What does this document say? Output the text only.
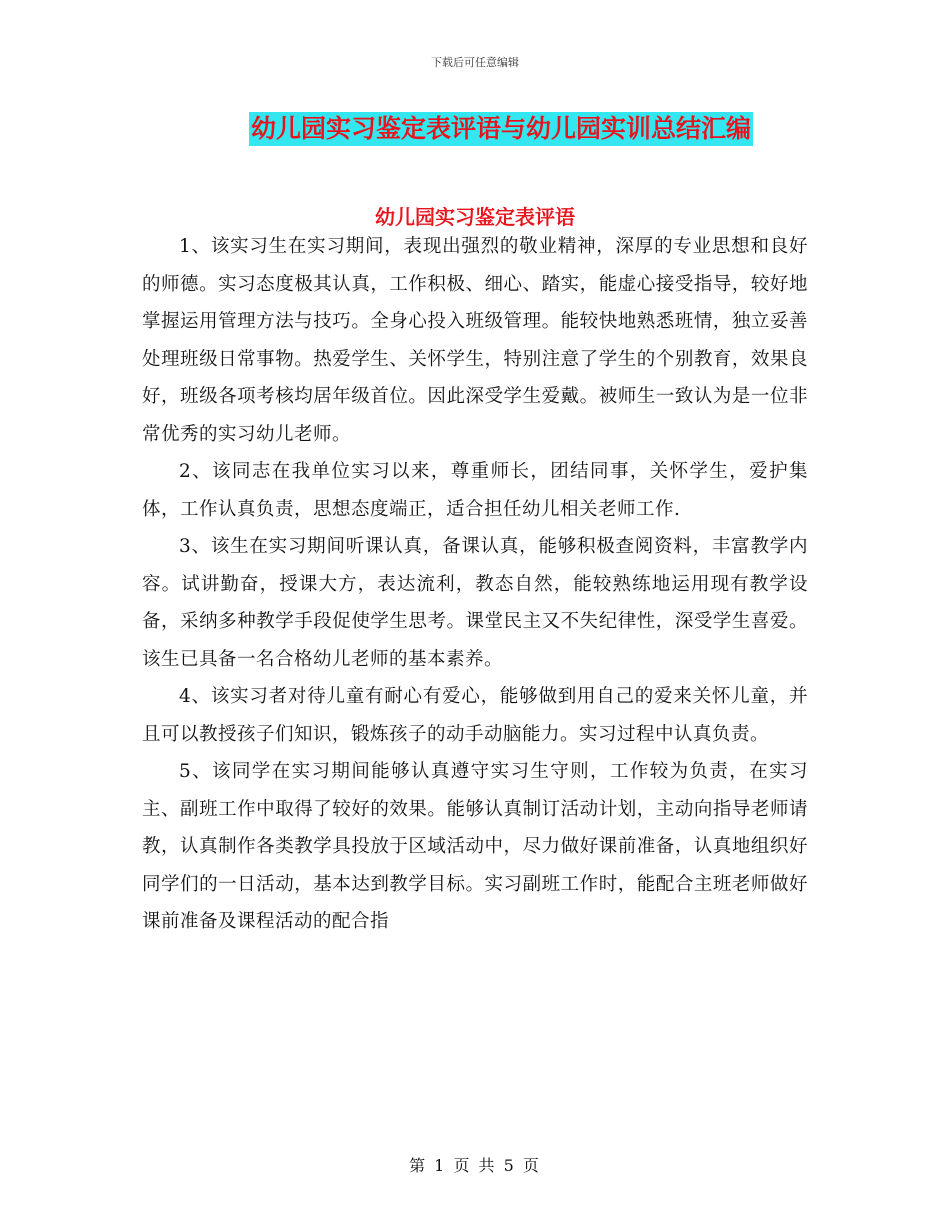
下载后可任意编辑
幼儿园实习鉴定表评语与幼儿园实训总结汇编
幼儿园实习鉴定表评语

1、该实习生在实习期间，表现出强烈的敬业精神，深厚的专业思想和良好的师德。实习态度极其认真，工作积极、细心、踏实，能虚心接受指导，较好地掌握运用管理方法与技巧。全身心投入班级管理。能较快地熟悉班情，独立妥善处理班级日常事物。热爱学生、关怀学生，特别注意了学生的个别教育，效果良好，班级各项考核均居年级首位。因此深受学生爱戴。被师生一致认为是一位非常优秀的实习幼儿老师。

2、该同志在我单位实习以来，尊重师长，团结同事，关怀学生，爱护集体，工作认真负责，思想态度端正，适合担任幼儿相关老师工作.

3、该生在实习期间听课认真，备课认真，能够积极查阅资料，丰富教学内容。试讲勤奋，授课大方，表达流利，教态自然，能较熟练地运用现有教学设备，采纳多种教学手段促使学生思考。课堂民主又不失纪律性，深受学生喜爱。该生已具备一名合格幼儿老师的基本素养。

4、该实习者对待儿童有耐心有爱心，能够做到用自己的爱来关怀儿童，并且可以教授孩子们知识，锻炼孩子的动手动脑能力。实习过程中认真负责。

5、该同学在实习期间能够认真遵守实习生守则，工作较为负责，在实习主、副班工作中取得了较好的效果。能够认真制订活动计划，主动向指导老师请教，认真制作各类教学具投放于区域活动中，尽力做好课前准备，认真地组织好同学们的一日活动，基本达到教学目标。实习副班工作时，能配合主班老师做好课前准备及课程活动的配合指

第 1 页 共 5 页
